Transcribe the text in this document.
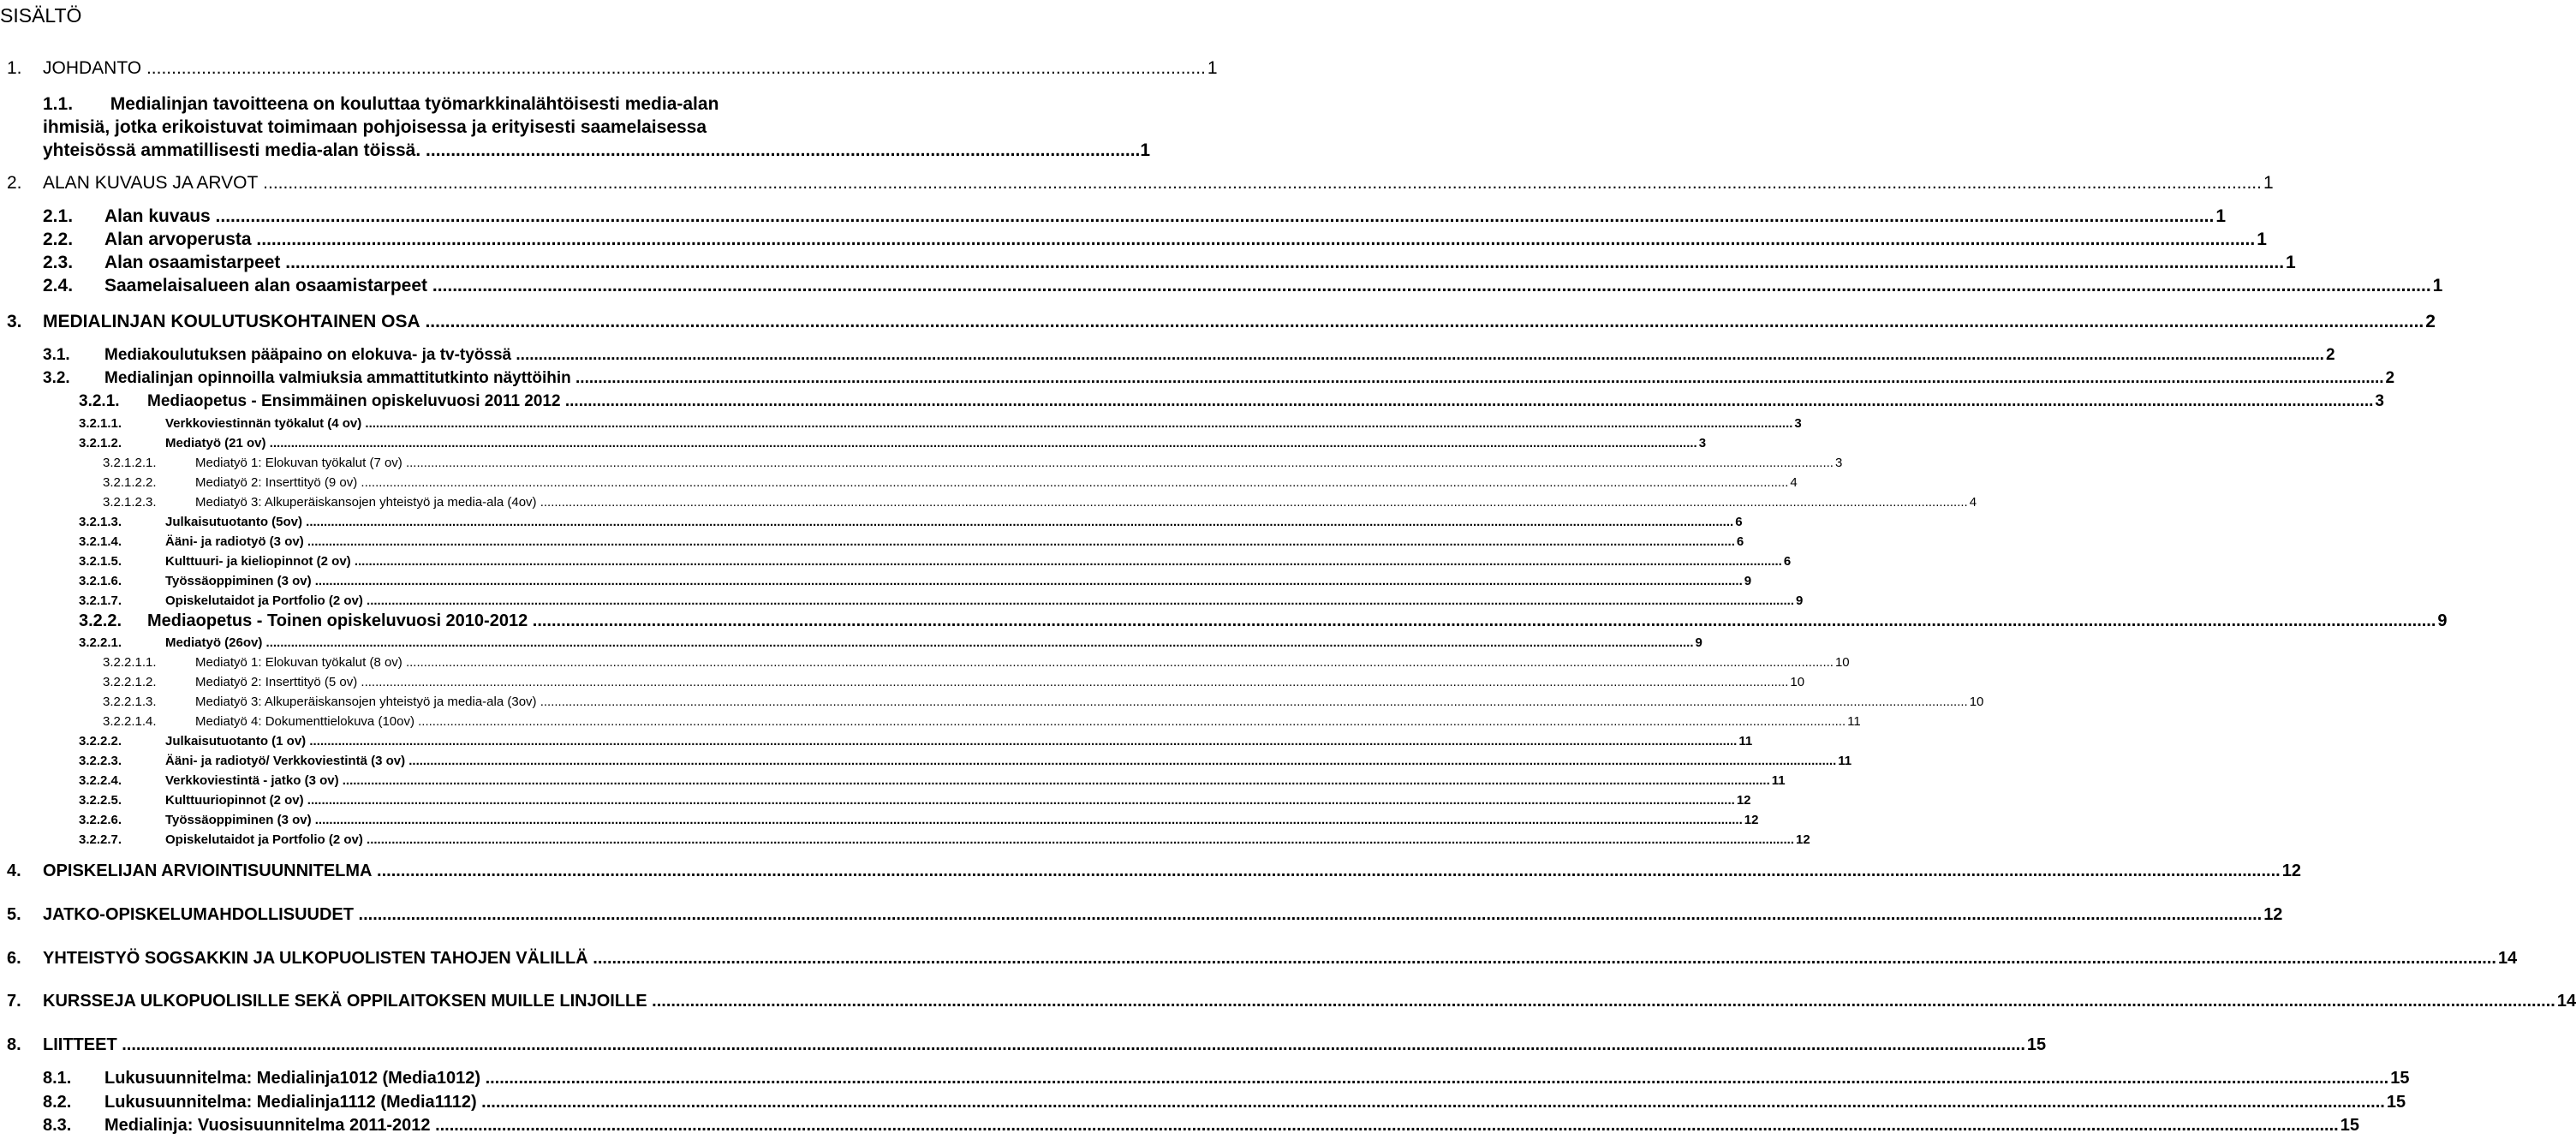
SISÄLTÖ
1. JOHDANTO .................................................................................................................................................................................................................... 1
1.1. Medialinjan tavoitteena on kouluttaa työmarkkinalähtöisesti media-alan
ihmisiä, jotka erikoistuvat toimimaan pohjoisessa ja erityisesti saamelaisessa
yhteisössä ammatillisesti media-alan töissä. ............................................................................................................................................... 1
2. ALAN KUVAUS JA ARVOT ................................................................................................................................................................................................................................................................................................................................................................................................................ 1
2.1. Alan kuvaus ................................................................................................................................................................................................................................................................................................................................................................................................................ 1
2.2. Alan arvoperusta ................................................................................................................................................................................................................................................................................................................................................................................................................ 1
2.3. Alan osaamistarpeet ................................................................................................................................................................................................................................................................................................................................................................................................................ 1
2.4. Saamelaisalueen alan osaamistarpeet ................................................................................................................................................................................................................................................................................................................................................................................................................ 1
3. MEDIALINJAN KOULUTUSKOHTAINEN OSA ................................................................................................................................................................................................................................................................................................................................................................................................................ 2
3.1. Mediakoulutuksen pääpaino on elokuva- ja tv-työssä ................................................................................................................................................................................................................................................................................................................................................................................................................ 2
3.2. Medialinjan opinnoilla valmiuksia ammattitutkinto näyttöihin ................................................................................................................................................................................................................................................................................................................................................................................................................ 2
3.2.1. Mediaopetus - Ensimmäinen opiskeluvuosi 2011 2012 ................................................................................................................................................................................................................................................................................................................................................................................................................ 3
3.2.1.1.	Verkkoviestinnän työkalut (4 ov) ................................................................................................................................................................................................................................................................................................................................................................................................................ 3
3.2.1.2.	Mediatyö (21 ov) ................................................................................................................................................................................................................................................................................................................................................................................................................ 3
3.2.1.2.1.	Mediatyö 1: Elokuvan työkalut (7 ov) ................................................................................................................................................................................................................................................................................................................................................................................................................ 3
3.2.1.2.2.	Mediatyö 2: Inserttityö (9 ov) ................................................................................................................................................................................................................................................................................................................................................................................................................ 4
3.2.1.2.3.	Mediatyö 3: Alkuperäiskansojen yhteistyö ja media-ala (4ov) ................................................................................................................................................................................................................................................................................................................................................................................................................ 4
3.2.1.3.	Julkaisutuotanto (5ov) ................................................................................................................................................................................................................................................................................................................................................................................................................ 6
3.2.1.4.	Ääni- ja radiotyö (3 ov) ................................................................................................................................................................................................................................................................................................................................................................................................................ 6
3.2.1.5.	Kulttuuri- ja kieliopinnot (2 ov) ................................................................................................................................................................................................................................................................................................................................................................................................................ 6
3.2.1.6.	Työssäoppiminen (3 ov) ................................................................................................................................................................................................................................................................................................................................................................................................................ 9
3.2.1.7.	Opiskelutaidot ja Portfolio (2 ov) ................................................................................................................................................................................................................................................................................................................................................................................................................ 9
3.2.2. Mediaopetus - Toinen opiskeluvuosi 2010-2012 ................................................................................................................................................................................................................................................................................................................................................................................................................ 9
3.2.2.1.	Mediatyö (26ov) ................................................................................................................................................................................................................................................................................................................................................................................................................ 9
3.2.2.1.1.	Mediatyö 1: Elokuvan työkalut (8 ov) ................................................................................................................................................................................................................................................................................................................................................................................................................ 10
3.2.2.1.2.	Mediatyö 2: Inserttityö (5 ov) ................................................................................................................................................................................................................................................................................................................................................................................................................ 10
3.2.2.1.3.	Mediatyö 3: Alkuperäiskansojen yhteistyö ja media-ala (3ov) ................................................................................................................................................................................................................................................................................................................................................................................................................ 10
3.2.2.1.4.	Mediatyö 4: Dokumenttielokuva (10ov) ................................................................................................................................................................................................................................................................................................................................................................................................................ 11
3.2.2.2.	Julkaisutuotanto (1 ov) ................................................................................................................................................................................................................................................................................................................................................................................................................ 11
3.2.2.3.	Ääni- ja radiotyö/ Verkkoviestintä (3 ov) ................................................................................................................................................................................................................................................................................................................................................................................................................ 11
3.2.2.4.	Verkkoviestintä - jatko (3 ov) ................................................................................................................................................................................................................................................................................................................................................................................................................ 11
3.2.2.5.	Kulttuuriopinnot (2 ov) ................................................................................................................................................................................................................................................................................................................................................................................................................ 12
3.2.2.6.	Työssäoppiminen (3 ov) ................................................................................................................................................................................................................................................................................................................................................................................................................ 12
3.2.2.7.	Opiskelutaidot ja Portfolio (2 ov) ................................................................................................................................................................................................................................................................................................................................................................................................................ 12
4. OPISKELIJAN ARVIOINTISUUNNITELMA ................................................................................................................................................................................................................................................................................................................................................................................................................ 12
5. JATKO-OPISKELUMAHDOLLISUUDET ................................................................................................................................................................................................................................................................................................................................................................................................................ 12
6. YHTEISTYÖ SOGSAKKIN JA ULKOPUOLISTEN TAHOJEN VÄLILLÄ ................................................................................................................................................................................................................................................................................................................................................................................................................ 14
7. KURSSEJA ULKOPUOLISILLE SEKÄ OPPILAITOKSEN MUILLE LINJOILLE ................................................................................................................................................................................................................................................................................................................................................................................................................ 14
8. LIITTEET ................................................................................................................................................................................................................................................................................................................................................................................................................ 15
8.1. Lukusuunnitelma: Medialinja1012 (Media1012) ................................................................................................................................................................................................................................................................................................................................................................................................................ 15
8.2. Lukusuunnitelma: Medialinja1112 (Media1112) ................................................................................................................................................................................................................................................................................................................................................................................................................ 15
8.3. Medialinja: Vuosisuunnitelma 2011-2012 ................................................................................................................................................................................................................................................................................................................................................................................................................ 15
